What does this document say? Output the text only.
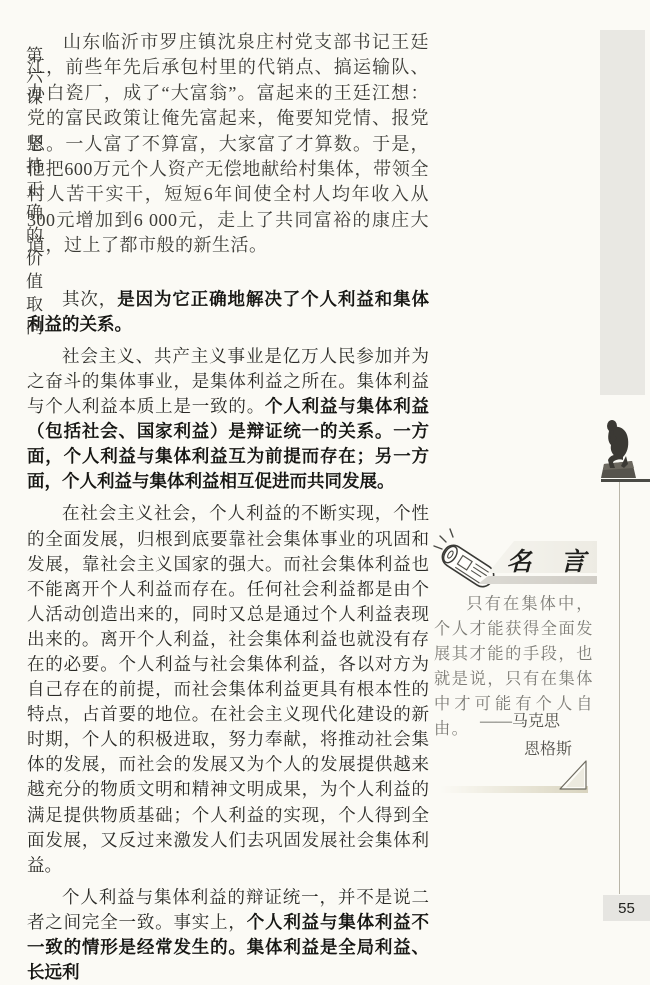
山东临沂市罗庄镇沈泉庄村党支部书记王廷江，前些年先后承包村里的代销点、搞运输队、办白瓷厂，成了“大富翁”。富起来的王廷江想：党的富民政策让俺先富起来，俺要知党情、报党恩。一人富了不算富，大家富了才算数。于是，他把600万元个人资产无偿地献给村集体，带领全村人苦干实干，短短6年间使全村人均年收入从300元增加到6 000元，走上了共同富裕的康庄大道，过上了都市般的新生活。

其次，是因为它正确地解决了个人利益和集体利益的关系。

社会主义、共产主义事业是亿万人民参加并为之奋斗的集体事业，是集体利益之所在。集体利益与个人利益本质上是一致的。个人利益与集体利益（包括社会、国家利益）是辩证统一的关系。一方面，个人利益与集体利益互为前提而存在；另一方面，个人利益与集体利益相互促进而共同发展。

在社会主义社会，个人利益的不断实现，个性的全面发展，归根到底要靠社会集体事业的巩固和发展，靠社会主义国家的强大。而社会集体利益也不能离开个人利益而存在。任何社会利益都是由个人活动创造出来的，同时又总是通过个人利益表现出来的。离开个人利益，社会集体利益也就没有存在的必要。个人利益与社会集体利益，各以对方为自己存在的前提，而社会集体利益更具有根本性的特点，占首要的地位。在社会主义现代化建设的新时期，个人的积极进取，努力奉献，将推动社会集体的发展，而社会的发展又为个人的发展提供越来越充分的物质文明和精神文明成果，为个人利益的满足提供物质基础；个人利益的实现，个人得到全面发展，又反过来激发人们去巩固发展社会集体利益。

个人利益与集体利益的辩证统一，并不是说二者之间完全一致。事实上，个人利益与集体利益不一致的情形是经常发生的。集体利益是全局利益、长远利

第六课
坚持正确的价值取向
55
名　言

只有在集体中，个人才能获得全面发展其才能的手段，也就是说，只有在集体中才可能有个人自由。 ——马克思
恩格斯
